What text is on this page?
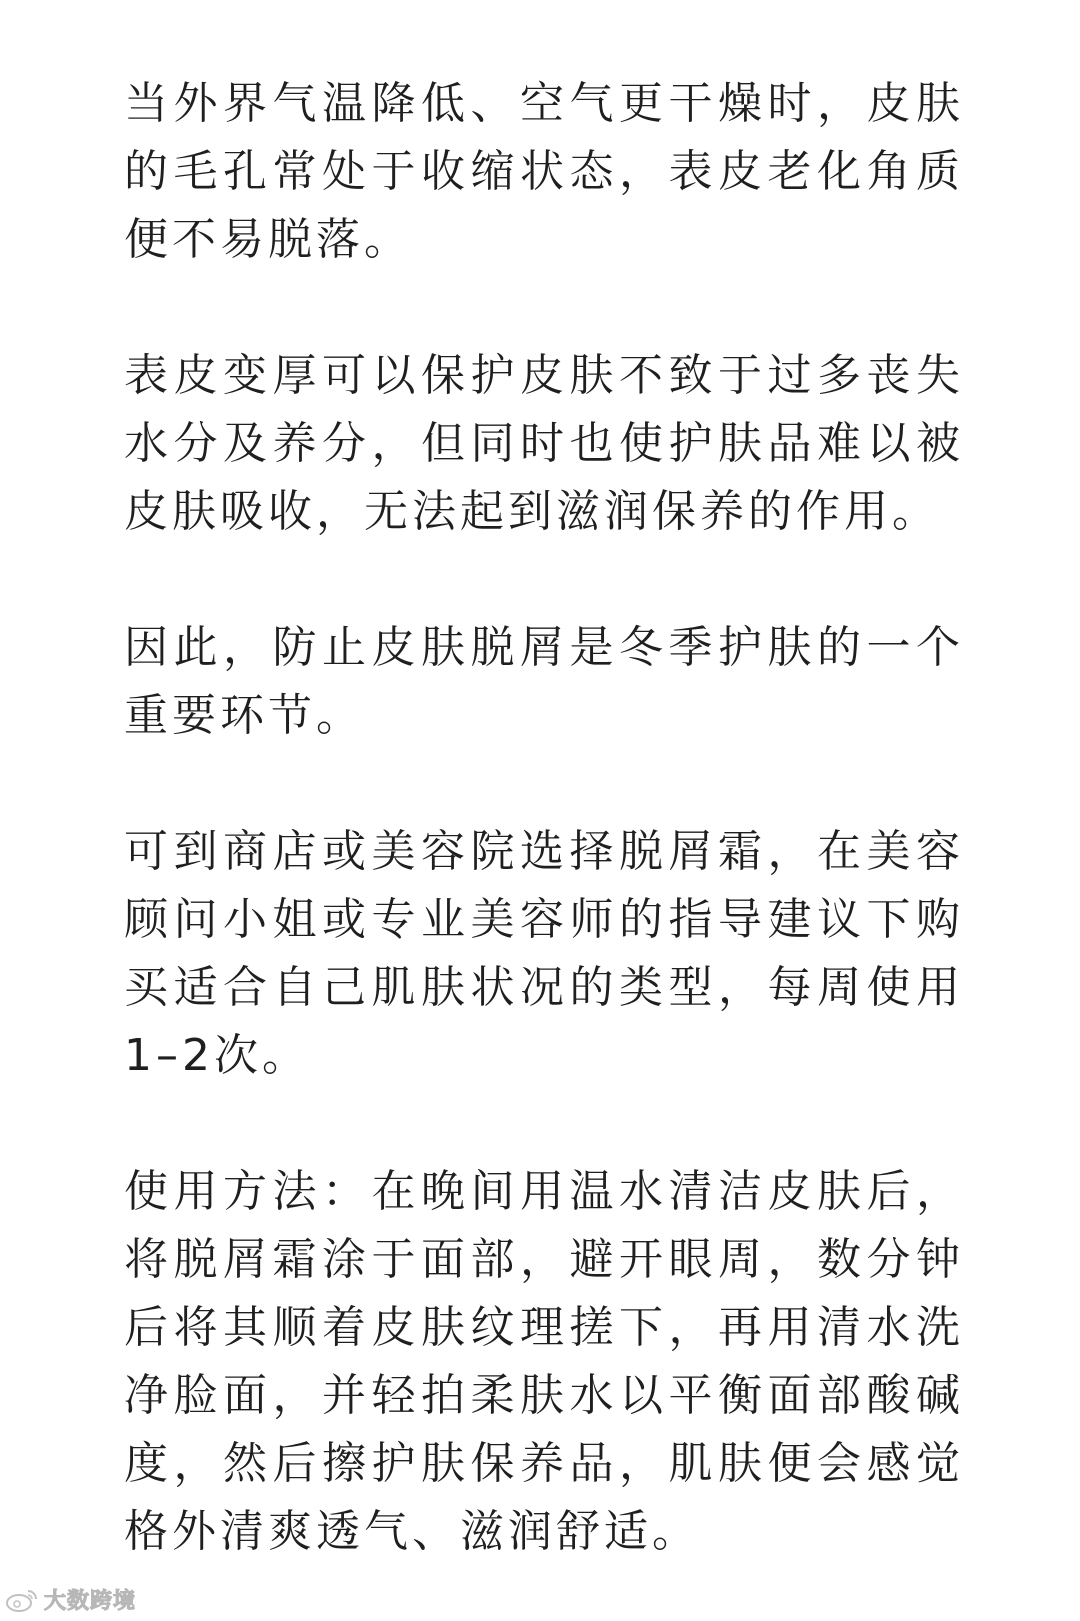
当外界气温降低、空气更干燥时，皮肤的毛孔常处于收缩状态，表皮老化角质便不易脱落。

表皮变厚可以保护皮肤不致于过多丧失水分及养分，但同时也使护肤品难以被皮肤吸收，无法起到滋润保养的作用。

因此，防止皮肤脱屑是冬季护肤的一个重要环节。

可到商店或美容院选择脱屑霜，在美容顾问小姐或专业美容师的指导建议下购买适合自己肌肤状况的类型，每周使用1–2次。

使用方法：在晚间用温水清洁皮肤后，将脱屑霜涂于面部，避开眼周，数分钟后将其顺着皮肤纹理搓下，再用清水洗净脸面，并轻拍柔肤水以平衡面部酸碱度，然后擦护肤保养品，肌肤便会感觉格外清爽透气、滋润舒适。

大数跨境
